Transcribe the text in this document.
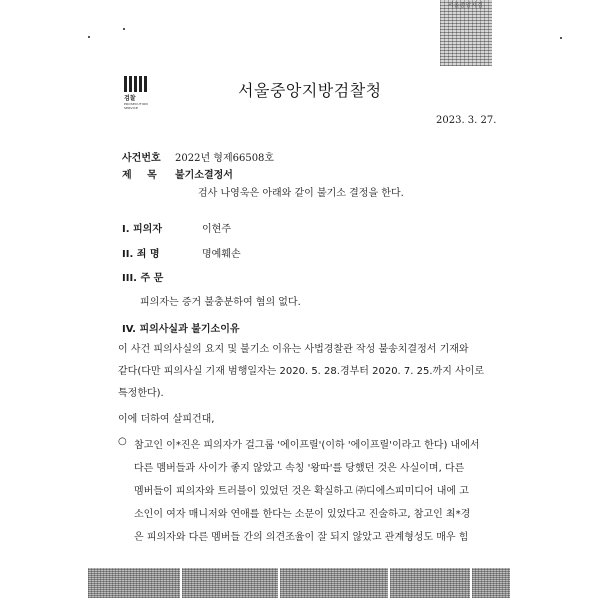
서울중앙지검
검찰
PROSECUTION SERVICE
서울중앙지방검찰청
2023. 3. 27.
사건번호 2022년 형제66508호
제 목 불기소결정서
검사 나영욱은 아래와 같이 불기소 결정을 한다.
I. 피의자	이현주
II. 죄 명	명예훼손
III. 주 문
피의자는 증거 불충분하여 혐의 없다.
IV. 피의사실과 불기소이유
이 사건 피의사실의 요지 및 불기소 이유는 사법경찰관 작성 불송치결정서 기재와
같다(다만 피의사실 기재 범행일자는 2020. 5. 28.경부터 2020. 7. 25.까지 사이로
특정한다).
이에 더하여 살피건대,
○ 참고인 이*진은 피의자가 걸그룹 '에이프릴'(이하 '에이프릴'이라고 한다) 내에서
다른 멤버들과 사이가 좋지 않았고 속칭 '왕따'를 당했던 것은 사실이며, 다른
멤버들이 피의자와 트러블이 있었던 것은 확실하고 ㈜디에스피미디어 내에 고
소인이 여자 매니저와 연애를 한다는 소문이 있었다고 진술하고, 참고인 최*경
은 피의자와 다른 멤버들 간의 의견조율이 잘 되지 않았고 관계형성도 매우 힘
